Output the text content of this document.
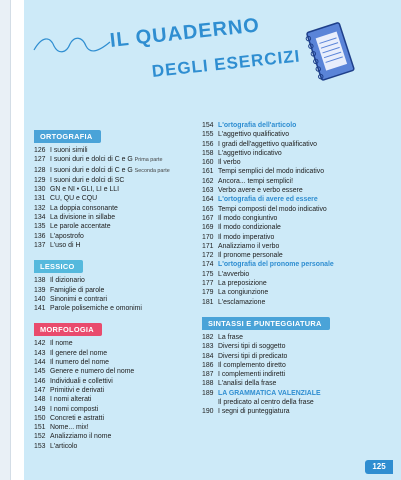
IL QUADERNO
DEGLI ESERCIZI
ORTOGRAFIA
126 I suoni simili
127 I suoni duri e dolci di C e G Prima parte
128 I suoni duri e dolci di C e G Seconda parte
129 I suoni duri e dolci di SC
130 GN e NI • GLI, LI e LLI
131 CU, QU e CQU
132 La doppia consonante
134 La divisione in sillabe
135 Le parole accentate
136 L'apostrofo
137 L'uso di H
LESSICO
138 Il dizionario
139 Famiglie di parole
140 Sinonimi e contrari
141 Parole polisemiche e omonimi
MORFOLOGIA
142 Il nome
143 Il genere del nome
144 Il numero del nome
145 Genere e numero del nome
146 Individuali e collettivi
147 Primitivi e derivati
148 I nomi alterati
149 I nomi composti
150 Concreti e astratti
151 Nome... mix!
152 Analizziamo il nome
153 L'articolo
154 L'ortografia dell'articolo
155 L'aggettivo qualificativo
156 I gradi dell'aggettivo qualificativo
158 L'aggettivo indicativo
160 Il verbo
161 Tempi semplici del modo indicativo
162 Ancora... tempi semplici!
163 Verbo avere e verbo essere
164 L'ortografia di avere ed essere
165 Tempi composti del modo indicativo
167 Il modo congiuntivo
169 Il modo condizionale
170 Il modo imperativo
171 Analizziamo il verbo
172 Il pronome personale
174 L'ortografia del pronome personale
175 L'avverbio
177 La preposizione
179 La congiunzione
181 L'esclamazione
SINTASSI E PUNTEGGIATURA
182 La frase
183 Diversi tipi di soggetto
184 Diversi tipi di predicato
186 Il complemento diretto
187 I complementi indiretti
188 L'analisi della frase
189 LA GRAMMATICA VALENZIALE
Il predicato al centro della frase
190 I segni di punteggiatura
125
